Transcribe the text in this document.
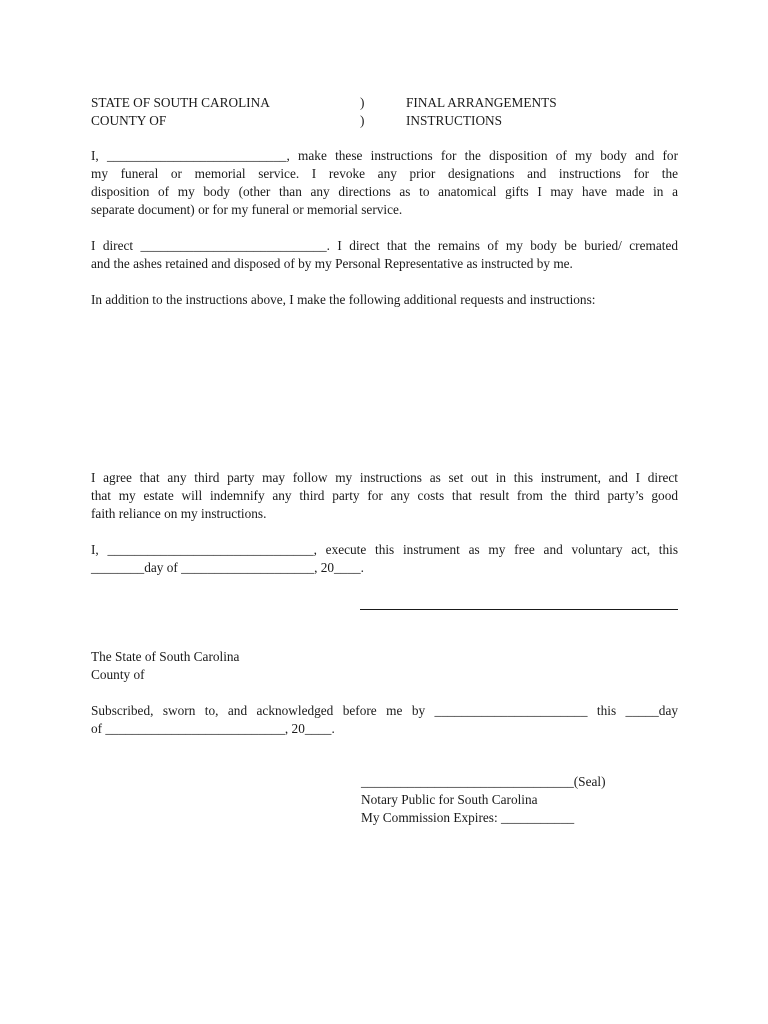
STATE OF SOUTH CAROLINA
COUNTY OF
)
)
FINAL ARRANGEMENTS
INSTRUCTIONS
I, ___________________________, make these instructions for the disposition of my body and for
my funeral or memorial service. I revoke any prior designations and instructions for the
disposition of my body (other than any directions as to anatomical gifts I may have made in a
separate document) or for my funeral or memorial service.
I direct ____________________________. I direct that the remains of my body be buried/ cremated
and the ashes retained and disposed of by my Personal Representative as instructed by me.
In addition to the instructions above, I make the following additional requests and instructions:
I agree that any third party may follow my instructions as set out in this instrument, and I direct
that my estate will indemnify any third party for any costs that result from the third party’s good
faith reliance on my instructions.
I, _______________________________, execute this instrument as my free and voluntary act, this
________day of ____________________, 20____.
The State of South Carolina
County of
Subscribed, sworn to, and acknowledged before me by _______________________ this _____day
of ___________________________, 20____.
________________________________(Seal)
Notary Public for South Carolina
My Commission Expires: ___________
